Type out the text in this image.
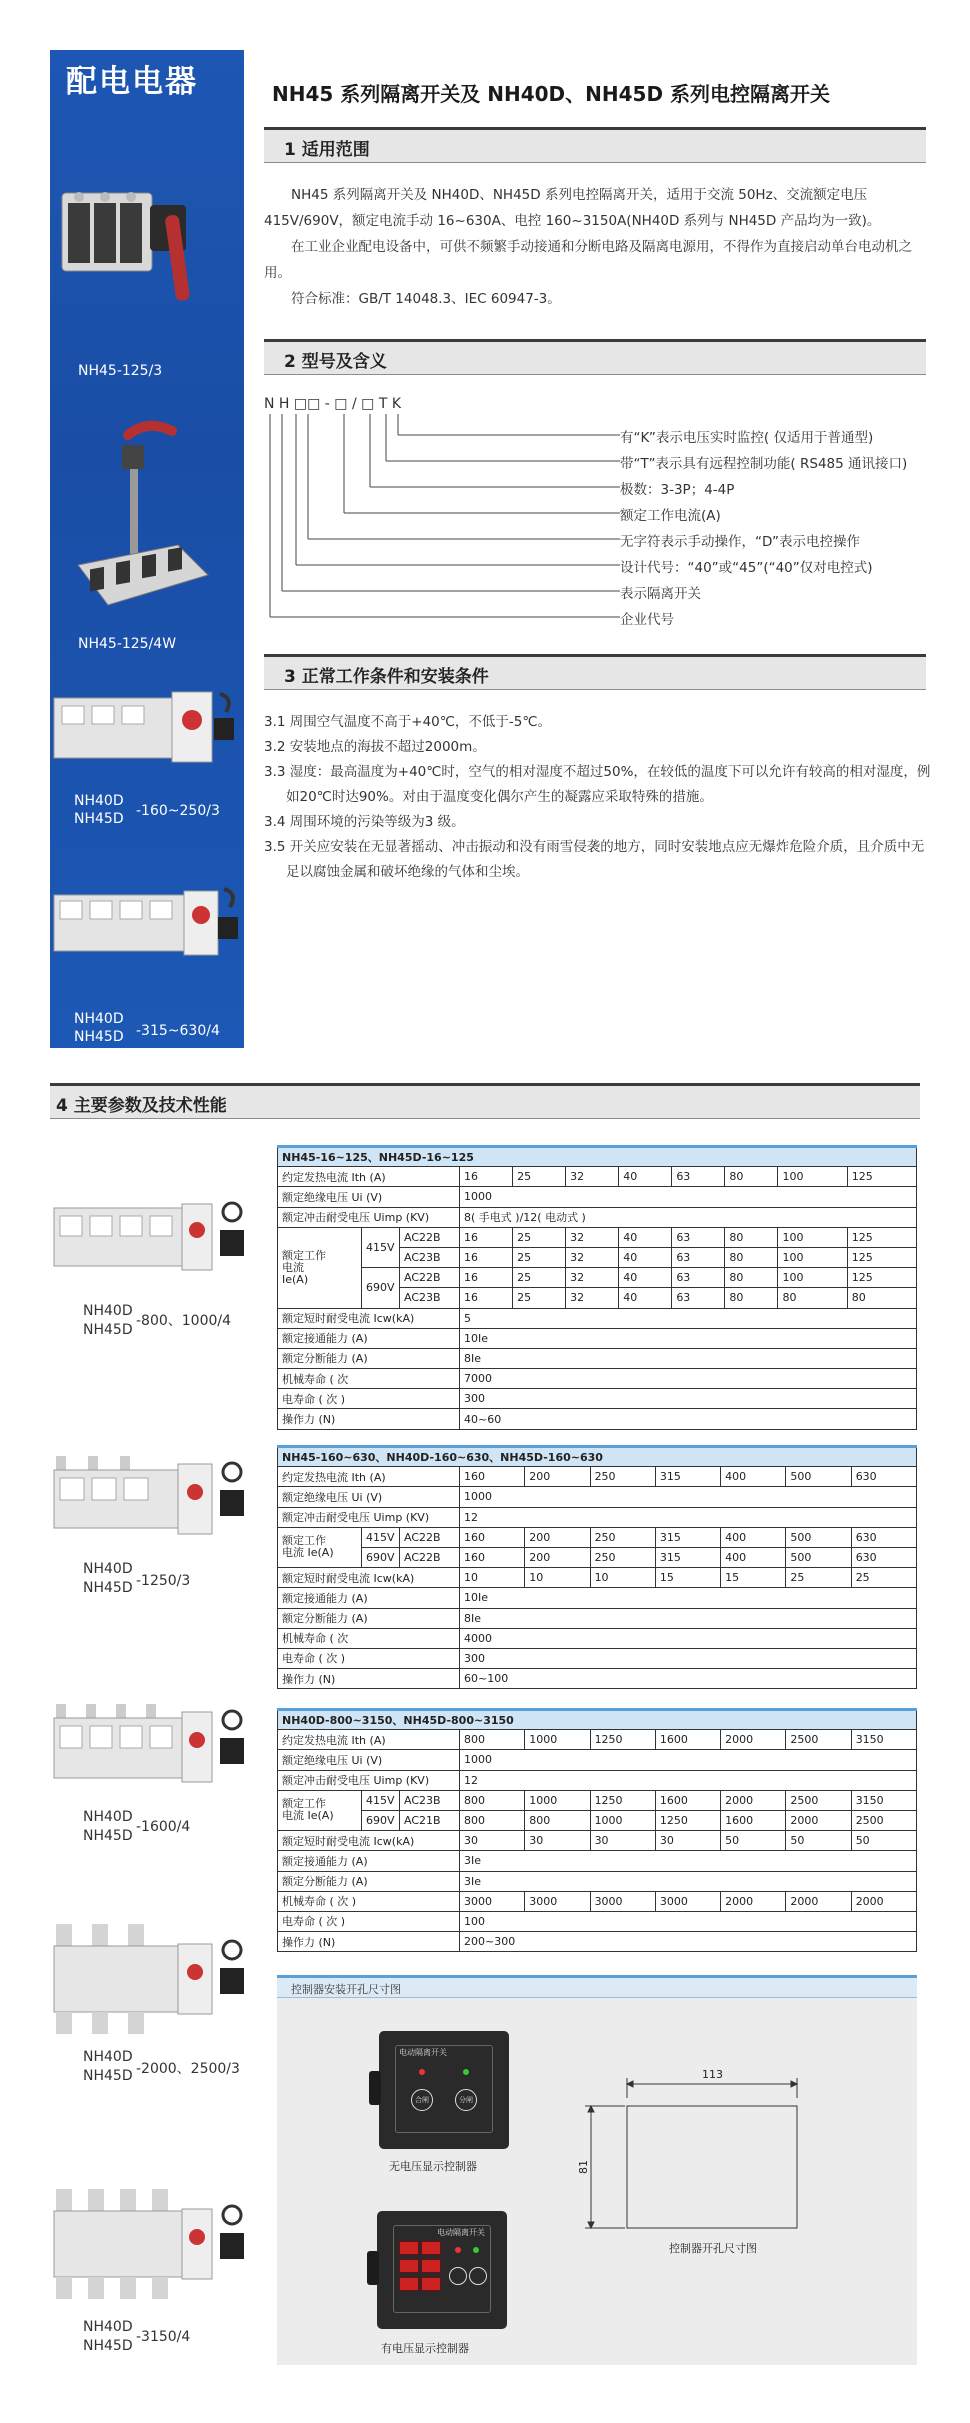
配电电器
NH45-125/3
NH45-125/4W
NH40D
NH45D -160~250/3
NH40D
NH45D -315~630/4
NH45 系列隔离开关及 NH40D、NH45D 系列电控隔离开关
1 适用范围

NH45 系列隔离开关及 NH40D、NH45D 系列电控隔离开关，适用于交流 50Hz、交流额定电压 415V/690V，额定电流手动 16~630A、电控 160~3150A(NH40D 系列与 NH45D 产品均为一致)。

在工业企业配电设备中，可供不频繁手动接通和分断电路及隔离电源用，不得作为直接启动单台电动机之用。

符合标准：GB/T 14048.3、IEC 60947-3。

2 型号及含义
N H □□ - □ / □ T K
有“K”表示电压实时监控( 仅适用于普通型)
带“T”表示具有远程控制功能( RS485 通讯接口)
极数：3-3P；4-4P
额定工作电流(A)
无字符表示手动操作，“D”表示电控操作
设计代号：“40”或“45”(“40”仅对电控式)
表示隔离开关
企业代号
3 正常工作条件和安装条件
3.1 周围空气温度不高于+40℃，不低于-5℃。
3.2 安装地点的海拔不超过2000m。
3.3 湿度：最高温度为+40℃时，空气的相对湿度不超过50%，在较低的温度下可以允许有较高的相对湿度，例如20℃时达90%。对由于温度变化偶尔产生的凝露应采取特殊的措施。
3.4 周围环境的污染等级为3 级。
3.5 开关应安装在无显著摇动、冲击振动和没有雨雪侵袭的地方，同时安装地点应无爆炸危险介质，且介质中无足以腐蚀金属和破坏绝缘的气体和尘埃。
4 主要参数及技术性能
NH40D
NH45D
-800、1000/4
NH40D
NH45D -1250/3
NH40D
NH45D
-1600/4
NH40D
NH45D -2000、2500/3
NH40D
NH45D
-3150/4
NH45-16~125、NH45D-16~125										
约定发热电流 Ith (A)			16	25	32	40	63	80	100	125
额定绝缘电压 Ui (V)			1000							
额定冲击耐受电压 Uimp (KV)			8( 手电式 )/12( 电动式 )							
额定工作
电流
Ie(A)	415V	AC22B	16	25	32	40	63	80	100	125
		AC23B	16	25	32	40	63	80	100	125
	690V	AC22B	16	25	32	40	63	80	100	125
		AC23B	16	25	32	40	63	80	80	80
额定短时耐受电流 Icw(kA)			5							
额定接通能力 (A)			10Ie							
额定分断能力 (A)			8Ie							
机械寿命 ( 次			7000							
电寿命 ( 次 )			300							
操作力 (N)			40~60							
NH45-160~630、NH40D-160~630、NH45D-160~630									
约定发热电流 Ith (A)			160	200	250	315	400	500	630
额定绝缘电压 Ui (V)			1000						
额定冲击耐受电压 Uimp (KV)			12						
额定工作
电流 Ie(A)	415V	AC22B	160	200	250	315	400	500	630
	690V	AC22B	160	200	250	315	400	500	630
额定短时耐受电流 Icw(kA)			10	10	10	15	15	25	25
额定接通能力 (A)			10Ie						
额定分断能力 (A)			8Ie						
机械寿命 ( 次			4000						
电寿命 ( 次 )			300						
操作力 (N)			60~100						
NH40D-800~3150、NH45D-800~3150									
约定发热电流 Ith (A)			800	1000	1250	1600	2000	2500	3150
额定绝缘电压 Ui (V)			1000						
额定冲击耐受电压 Uimp (KV)			12						
额定工作
电流 Ie(A)	415V	AC23B	800	1000	1250	1600	2000	2500	3150
	690V	AC21B	800	800	1000	1250	1600	2000	2500
额定短时耐受电流 Icw(kA)			30	30	30	30	50	50	50
额定接通能力 (A)			3Ie						
额定分断能力 (A)			3Ie						
机械寿命 ( 次 )			3000	3000	3000	3000	2000	2000	2000
电寿命 ( 次 )			100						
操作力 (N)			200~300						
控制器安装开孔尺寸图
电动隔离开关
合闸	分闸
无电压显示控制器
电动隔离开关
有电压显示控制器
113
81
控制器开孔尺寸图
